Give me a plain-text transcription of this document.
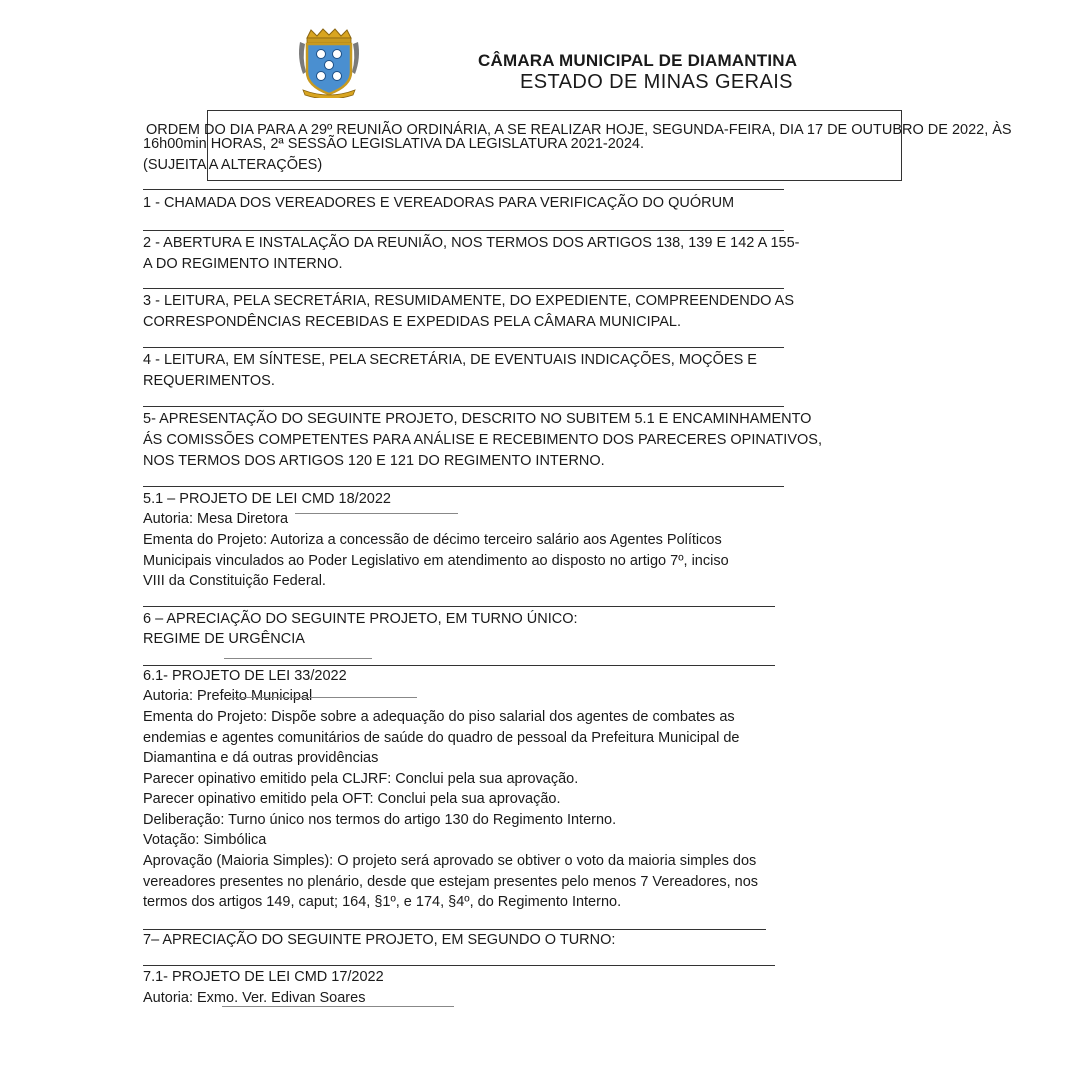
CÂMARA MUNICIPAL DE DIAMANTINA
ESTADO DE MINAS GERAIS
ORDEM DO DIA PARA A 29º REUNIÃO ORDINÁRIA, A SE REALIZAR HOJE, SEGUNDA-FEIRA, DIA 17 DE OUTUBRO DE 2022, ÀS
16h00min HORAS, 2ª SESSÃO LEGISLATIVA DA LEGISLATURA 2021-2024.
(SUJEITA A ALTERAÇÕES)
1 - CHAMADA DOS VEREADORES E VEREADORAS PARA VERIFICAÇÃO DO QUÓRUM
2 - ABERTURA E INSTALAÇÃO DA REUNIÃO, NOS TERMOS DOS ARTIGOS 138, 139 E 142 A 155-
A DO REGIMENTO INTERNO.
3 - LEITURA, PELA SECRETÁRIA, RESUMIDAMENTE, DO EXPEDIENTE, COMPREENDENDO AS
CORRESPONDÊNCIAS RECEBIDAS E EXPEDIDAS PELA CÂMARA MUNICIPAL.
4 - LEITURA, EM SÍNTESE, PELA SECRETÁRIA, DE EVENTUAIS INDICAÇÕES, MOÇÕES E
REQUERIMENTOS.
5- APRESENTAÇÃO DO SEGUINTE PROJETO, DESCRITO NO SUBITEM 5.1 E ENCAMINHAMENTO
ÁS COMISSÕES COMPETENTES PARA ANÁLISE E RECEBIMENTO DOS PARECERES OPINATIVOS,
NOS TERMOS DOS ARTIGOS 120 E 121 DO REGIMENTO INTERNO.
5.1 – PROJETO DE LEI CMD 18/2022
Autoria: Mesa Diretora
Ementa do Projeto: Autoriza a concessão de décimo terceiro salário aos Agentes Políticos
Municipais vinculados ao Poder Legislativo em atendimento ao disposto no artigo 7º, inciso
VIII da Constituição Federal.
6 – APRECIAÇÃO DO SEGUINTE PROJETO, EM TURNO ÚNICO:
REGIME DE URGÊNCIA
6.1- PROJETO DE LEI 33/2022
Autoria: Prefeito Municipal
Ementa do Projeto: Dispõe sobre a adequação do piso salarial dos agentes de combates as
endemias e agentes comunitários de saúde do quadro de pessoal da Prefeitura Municipal de
Diamantina e dá outras providências
Parecer opinativo emitido pela CLJRF: Conclui pela sua aprovação.
Parecer opinativo emitido pela OFT: Conclui pela sua aprovação.
Deliberação: Turno único nos termos do artigo 130 do Regimento Interno.
Votação: Simbólica
Aprovação (Maioria Simples): O projeto será aprovado se obtiver o voto da maioria simples dos
vereadores presentes no plenário, desde que estejam presentes pelo menos 7 Vereadores, nos
termos dos artigos 149, caput; 164, §1º, e 174, §4º, do Regimento Interno.
7– APRECIAÇÃO DO SEGUINTE PROJETO, EM SEGUNDO O TURNO:
7.1- PROJETO DE LEI CMD 17/2022
Autoria: Exmo. Ver. Edivan Soares
